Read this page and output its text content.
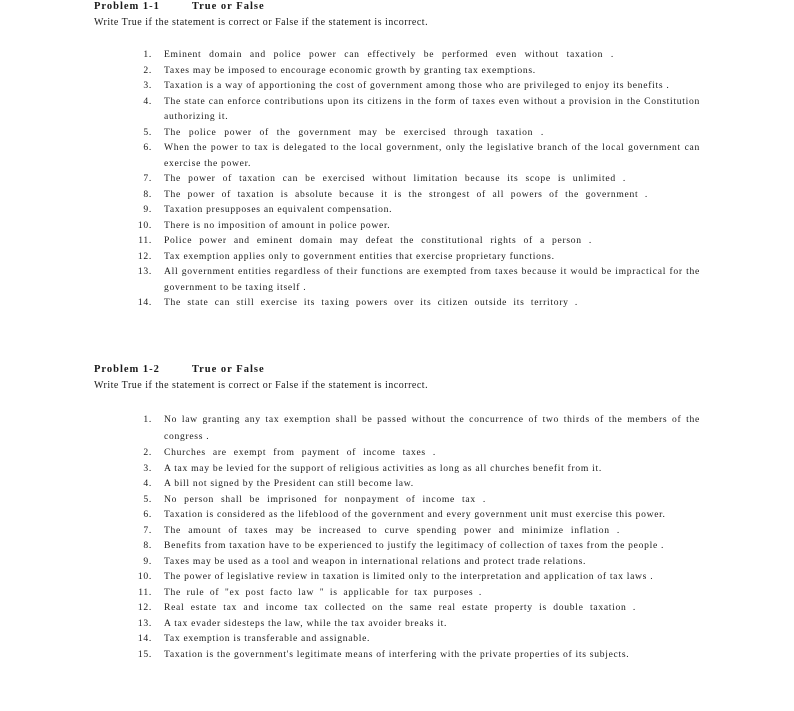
Problem 1-1	True or False
Write True if the statement is correct or False if the statement is incorrect.
1. Eminent domain and police power can effectively be performed even without taxation .
2. Taxes may be imposed to encourage economic growth by granting tax exemptions.
3. Taxation is a way of apportioning the cost of government among those who are privileged to enjoy its benefits .
4. The state can enforce contributions upon its citizens in the form of taxes even without a provision in the Constitution authorizing it.
5. The police power of the government may be exercised through taxation .
6. When the power to tax is delegated to the local government, only the legislative branch of the local government can exercise the power.
7. The power of taxation can be exercised without limitation because its scope is unlimited .
8. The power of taxation is absolute because it is the strongest of all powers of the government .
9. Taxation presupposes an equivalent compensation.
10. There is no imposition of amount in police power.
11. Police power and eminent domain may defeat the constitutional rights of a person .
12. Tax exemption applies only to government entities that exercise proprietary functions.
13. All government entities regardless of their functions are exempted from taxes because it would be impractical for the government to be taxing itself .
14. The state can still exercise its taxing powers over its citizen outside its territory .
Problem 1-2	True or False
Write True if the statement is correct or False if the statement is incorrect.
1. No law granting any tax exemption shall be passed without the concurrence of two thirds of the members of the congress .
2. Churches are exempt from payment of income taxes .
3. A tax may be levied for the support of religious activities as long as all churches benefit from it.
4. A bill not signed by the President can still become law.
5. No person shall be imprisoned for nonpayment of income tax .
6. Taxation is considered as the lifeblood of the government and every government unit must exercise this power.
7. The amount of taxes may be increased to curve spending power and minimize inflation .
8. Benefits from taxation have to be experienced to justify the legitimacy of collection of taxes from the people .
9. Taxes may be used as a tool and weapon in international relations and protect trade relations.
10. The power of legislative review in taxation is limited only to the interpretation and application of tax laws .
11. The rule of "ex post facto law " is applicable for tax purposes .
12. Real estate tax and income tax collected on the same real estate property is double taxation .
13. A tax evader sidesteps the law, while the tax avoider breaks it.
14. Tax exemption is transferable and assignable.
15. Taxation is the government's legitimate means of interfering with the private properties of its subjects.
